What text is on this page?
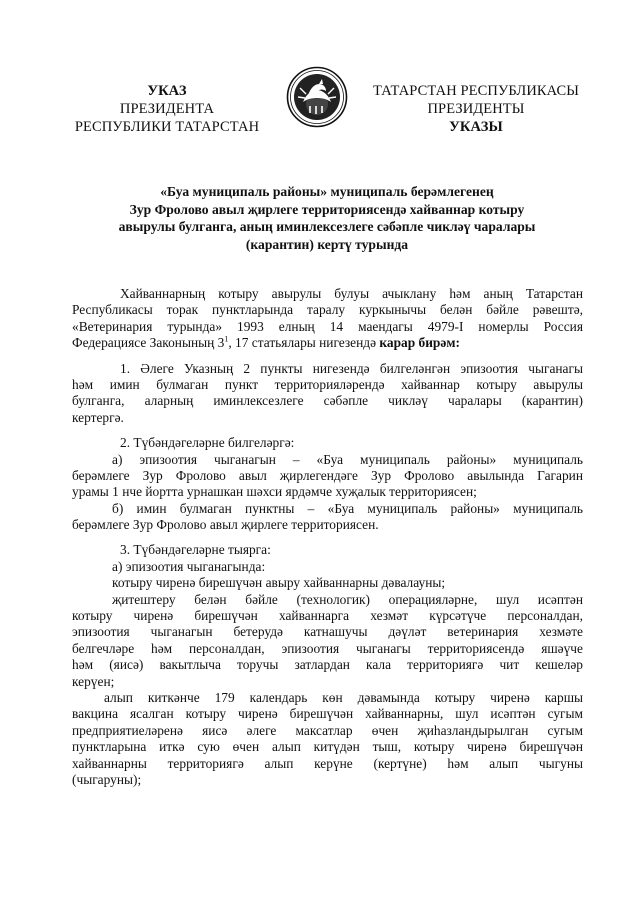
УКАЗ
ПРЕЗИДЕНТА
РЕСПУБЛИКИ ТАТАРСТАН
ТАТАРСТАН РЕСПУБЛИКАСЫ
ПРЕЗИДЕНТЫ
УКАЗЫ
«Буа муниципаль районы» муниципаль берәмлегенең
Зур Фролово авыл җирлеге территориясендә хайваннар котыру
авырулы булганга, аның иминлексезлеге сәбәпле чикләү чаралары
(карантин) кертү турында
Хайваннарның котыру авырулы булуы ачыклану һәм аның Татарстан
Республикасы торак пунктларында таралу куркынычы белән бәйле рәвештә,
«Ветеринария турында» 1993 елның 14 маендагы 4979-I номерлы Россия
Федерациясе Законының $3^1$, 17 статьялары нигезендә карар бирәм:
1. Әлеге Указның 2 пункты нигезендә билгеләнгән эпизоотия чыганагы
һәм имин булмаган пункт территорияләрендә хайваннар котыру авырулы
булганга, аларның иминлексезлеге сәбәпле чикләү чаралары (карантин)
кертергә.
2. Түбәндәгеләрне билгеләргә:
а) эпизоотия чыганагын – «Буа муниципаль районы» муниципаль
берәмлеге Зур Фролово авыл җирлегендәге Зур Фролово авылында Гагарин
урамы 1 нче йортта урнашкан шәхси ярдәмче хуҗалык территориясен;
б) имин булмаган пунктны – «Буа муниципаль районы» муниципаль
берәмлеге Зур Фролово авыл җирлеге территориясен.
3. Түбәндәгеләрне тыярга:
а) эпизоотия чыганагында:
котыру чиренә бирешүчән авыру хайваннарны дәвалауны;
җитештеру белән бәйле (технологик) операцияләрне, шул исәптән
котыру чиренә бирешүчән хайваннарга хезмәт күрсәтүче персоналдан,
эпизоотия чыганагын бетерудә катнашучы дәүләт ветеринария хезмәте
белгечләре һәм персоналдан, эпизоотия чыганагы территориясендә яшәүче
һәм (яисә) вакытлыча торучы затлардан кала территориягә чит кешеләр
керүен;
алып киткәнче 179 календарь көн дәвамында котыру чиренә каршы
вакцина ясалган котыру чиренә бирешүчән хайваннарны, шул исәптән сугым
предприятиеләренә яисә әлеге максатлар өчен җиһазландырылган сугым
пунктларына иткә сую өчен алып китүдән тыш, котыру чиренә бирешүчән
хайваннарны территориягә алып керүне (кертүне) һәм алып чыгуны
(чыгаруны);
